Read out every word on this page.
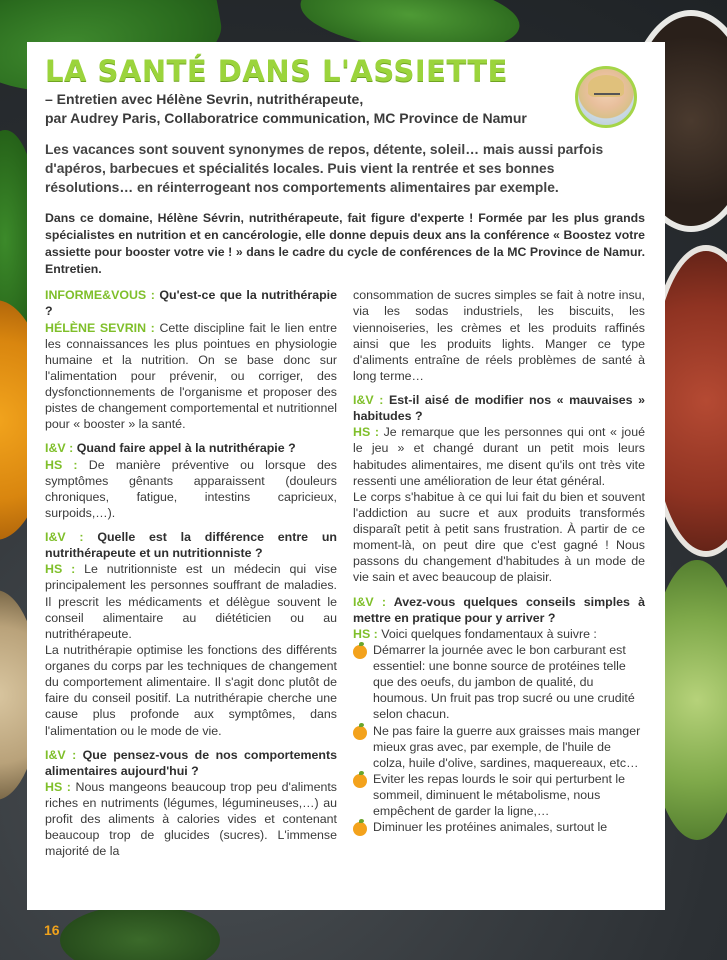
LA SANTÉ DANS L'ASSIETTE
– Entretien avec Hélène Sevrin, nutrithérapeute,
par Audrey Paris, Collaboratrice communication, MC Province de Namur
Les vacances sont souvent synonymes de repos, détente, soleil… mais aussi parfois d'apéros, barbecues et spécialités locales. Puis vient la rentrée et ses bonnes résolutions… en réinterrogeant nos comportements alimentaires par exemple.
Dans ce domaine, Hélène Sévrin, nutrithérapeute, fait figure d'experte ! Formée par les plus grands spécialistes en nutrition et en cancérologie, elle donne depuis deux ans la conférence « Boostez votre assiette pour booster votre vie ! » dans le cadre du cycle de conférences de la MC Province de Namur. Entretien.

INFORME&VOUS : Qu'est-ce que la nutrithérapie ?

HÉLÈNE SEVRIN : Cette discipline fait le lien entre les connaissances les plus pointues en physiologie humaine et la nutrition. On se base donc sur l'alimentation pour prévenir, ou corriger, des dysfonctionnements de l'organisme et proposer des pistes de changement comportemental et nutritionnel pour « booster » la santé.

I&V : Quand faire appel à la nutrithérapie ?

HS : De manière préventive ou lorsque des symptômes gênants apparaissent (douleurs chroniques, fatigue, intestins capricieux, surpoids,…).

I&V : Quelle est la différence entre un nutrithérapeute et un nutritionniste ?

HS : Le nutritionniste est un médecin qui vise principalement les personnes souffrant de maladies. Il prescrit les médicaments et délègue souvent le conseil alimentaire au diététicien ou au nutrithérapeute.

La nutrithérapie optimise les fonctions des différents organes du corps par les techniques de changement du comportement alimentaire. Il s'agit donc plutôt de faire du conseil positif. La nutrithérapie cherche une cause plus profonde aux symptômes, dans l'alimentation ou le mode de vie.

I&V : Que pensez-vous de nos comportements alimentaires aujourd'hui ?

HS : Nous mangeons beaucoup trop peu d'aliments riches en nutriments (légumes, légumineuses,…) au profit des aliments à calories vides et contenant beaucoup trop de glucides (sucres). L'immense majorité de la

consommation de sucres simples se fait à notre insu, via les sodas industriels, les biscuits, les viennoiseries, les crèmes et les produits raffinés ainsi que les produits lights. Manger ce type d'aliments entraîne de réels problèmes de santé à long terme…

I&V : Est-il aisé de modifier nos « mauvaises » habitudes ?

HS : Je remarque que les personnes qui ont « joué le jeu » et changé durant un petit mois leurs habitudes alimentaires, me disent qu'ils ont très vite ressenti une amélioration de leur état général.

Le corps s'habitue à ce qui lui fait du bien et souvent l'addiction au sucre et aux produits transformés disparaît petit à petit sans frustration. À partir de ce moment-là, on peut dire que c'est gagné ! Nous passons du changement d'habitudes à un mode de vie sain et avec beaucoup de plaisir.

I&V : Avez-vous quelques conseils simples à mettre en pratique pour y arriver ?

HS : Voici quelques fondamentaux à suivre :

Démarrer la journée avec le bon carburant est essentiel: une bonne source de protéines telle que des oeufs, du jambon de qualité, du houmous. Un fruit pas trop sucré ou une crudité selon chacun.
Ne pas faire la guerre aux graisses mais manger mieux gras avec, par exemple, de l'huile de colza, huile d'olive, sardines, maquereaux, etc…
Eviter les repas lourds le soir qui perturbent le sommeil, diminuent le métabolisme, nous empêchent de garder la ligne,…
Diminuer les protéines animales, surtout le
16
